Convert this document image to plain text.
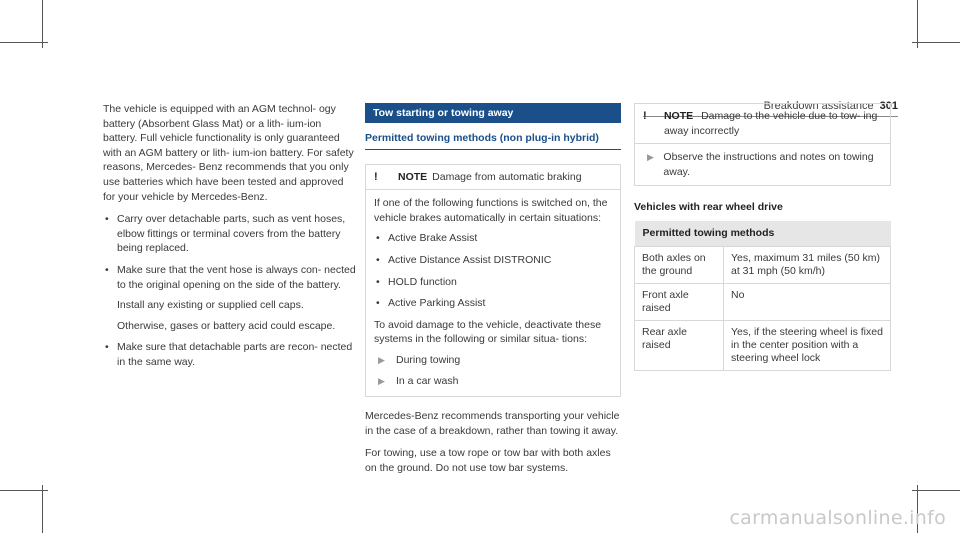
Breakdown assistance 301

The vehicle is equipped with an AGM technol- ogy battery (Absorbent Glass Mat) or a lith- ium-ion battery. Full vehicle functionality is only guaranteed with an AGM battery or lith- ium-ion battery. For safety reasons, Mercedes- Benz recommends that you only use batteries which have been tested and approved for your vehicle by Mercedes-Benz.

• Carry over detachable parts, such as vent hoses, elbow fittings or terminal covers from the battery being replaced.
• Make sure that the vent hose is always con- nected to the original opening on the side of the battery.
Install any existing or supplied cell caps.
Otherwise, gases or battery acid could escape.
• Make sure that detachable parts are recon- nected in the same way.
Tow starting or towing away
Permitted towing methods (non plug-in hybrid)
!	NOTE Damage from automatic braking

If one of the following functions is switched on, the vehicle brakes automatically in certain situations:

• Active Brake Assist
• Active Distance Assist DISTRONIC
• HOLD function
• Active Parking Assist

To avoid damage to the vehicle, deactivate these systems in the following or similar situa- tions:

▶ During towing
▶ In a car wash

Mercedes-Benz recommends transporting your vehicle in the case of a breakdown, rather than towing it away.

For towing, use a tow rope or tow bar with both axles on the ground. Do not use tow bar systems.

!	NOTE Damage to the vehicle due to tow- ing away incorrectly
▶ Observe the instructions and notes on towing away.
Vehicles with rear wheel drive
Permitted towing methods	
Both axles on the ground	Yes, maximum 31 miles (50 km) at 31 mph (50 km/h)
Front axle raised	No
Rear axle raised	Yes, if the steering wheel is fixed in the center position with a steering wheel lock
carmanualsonline.info
